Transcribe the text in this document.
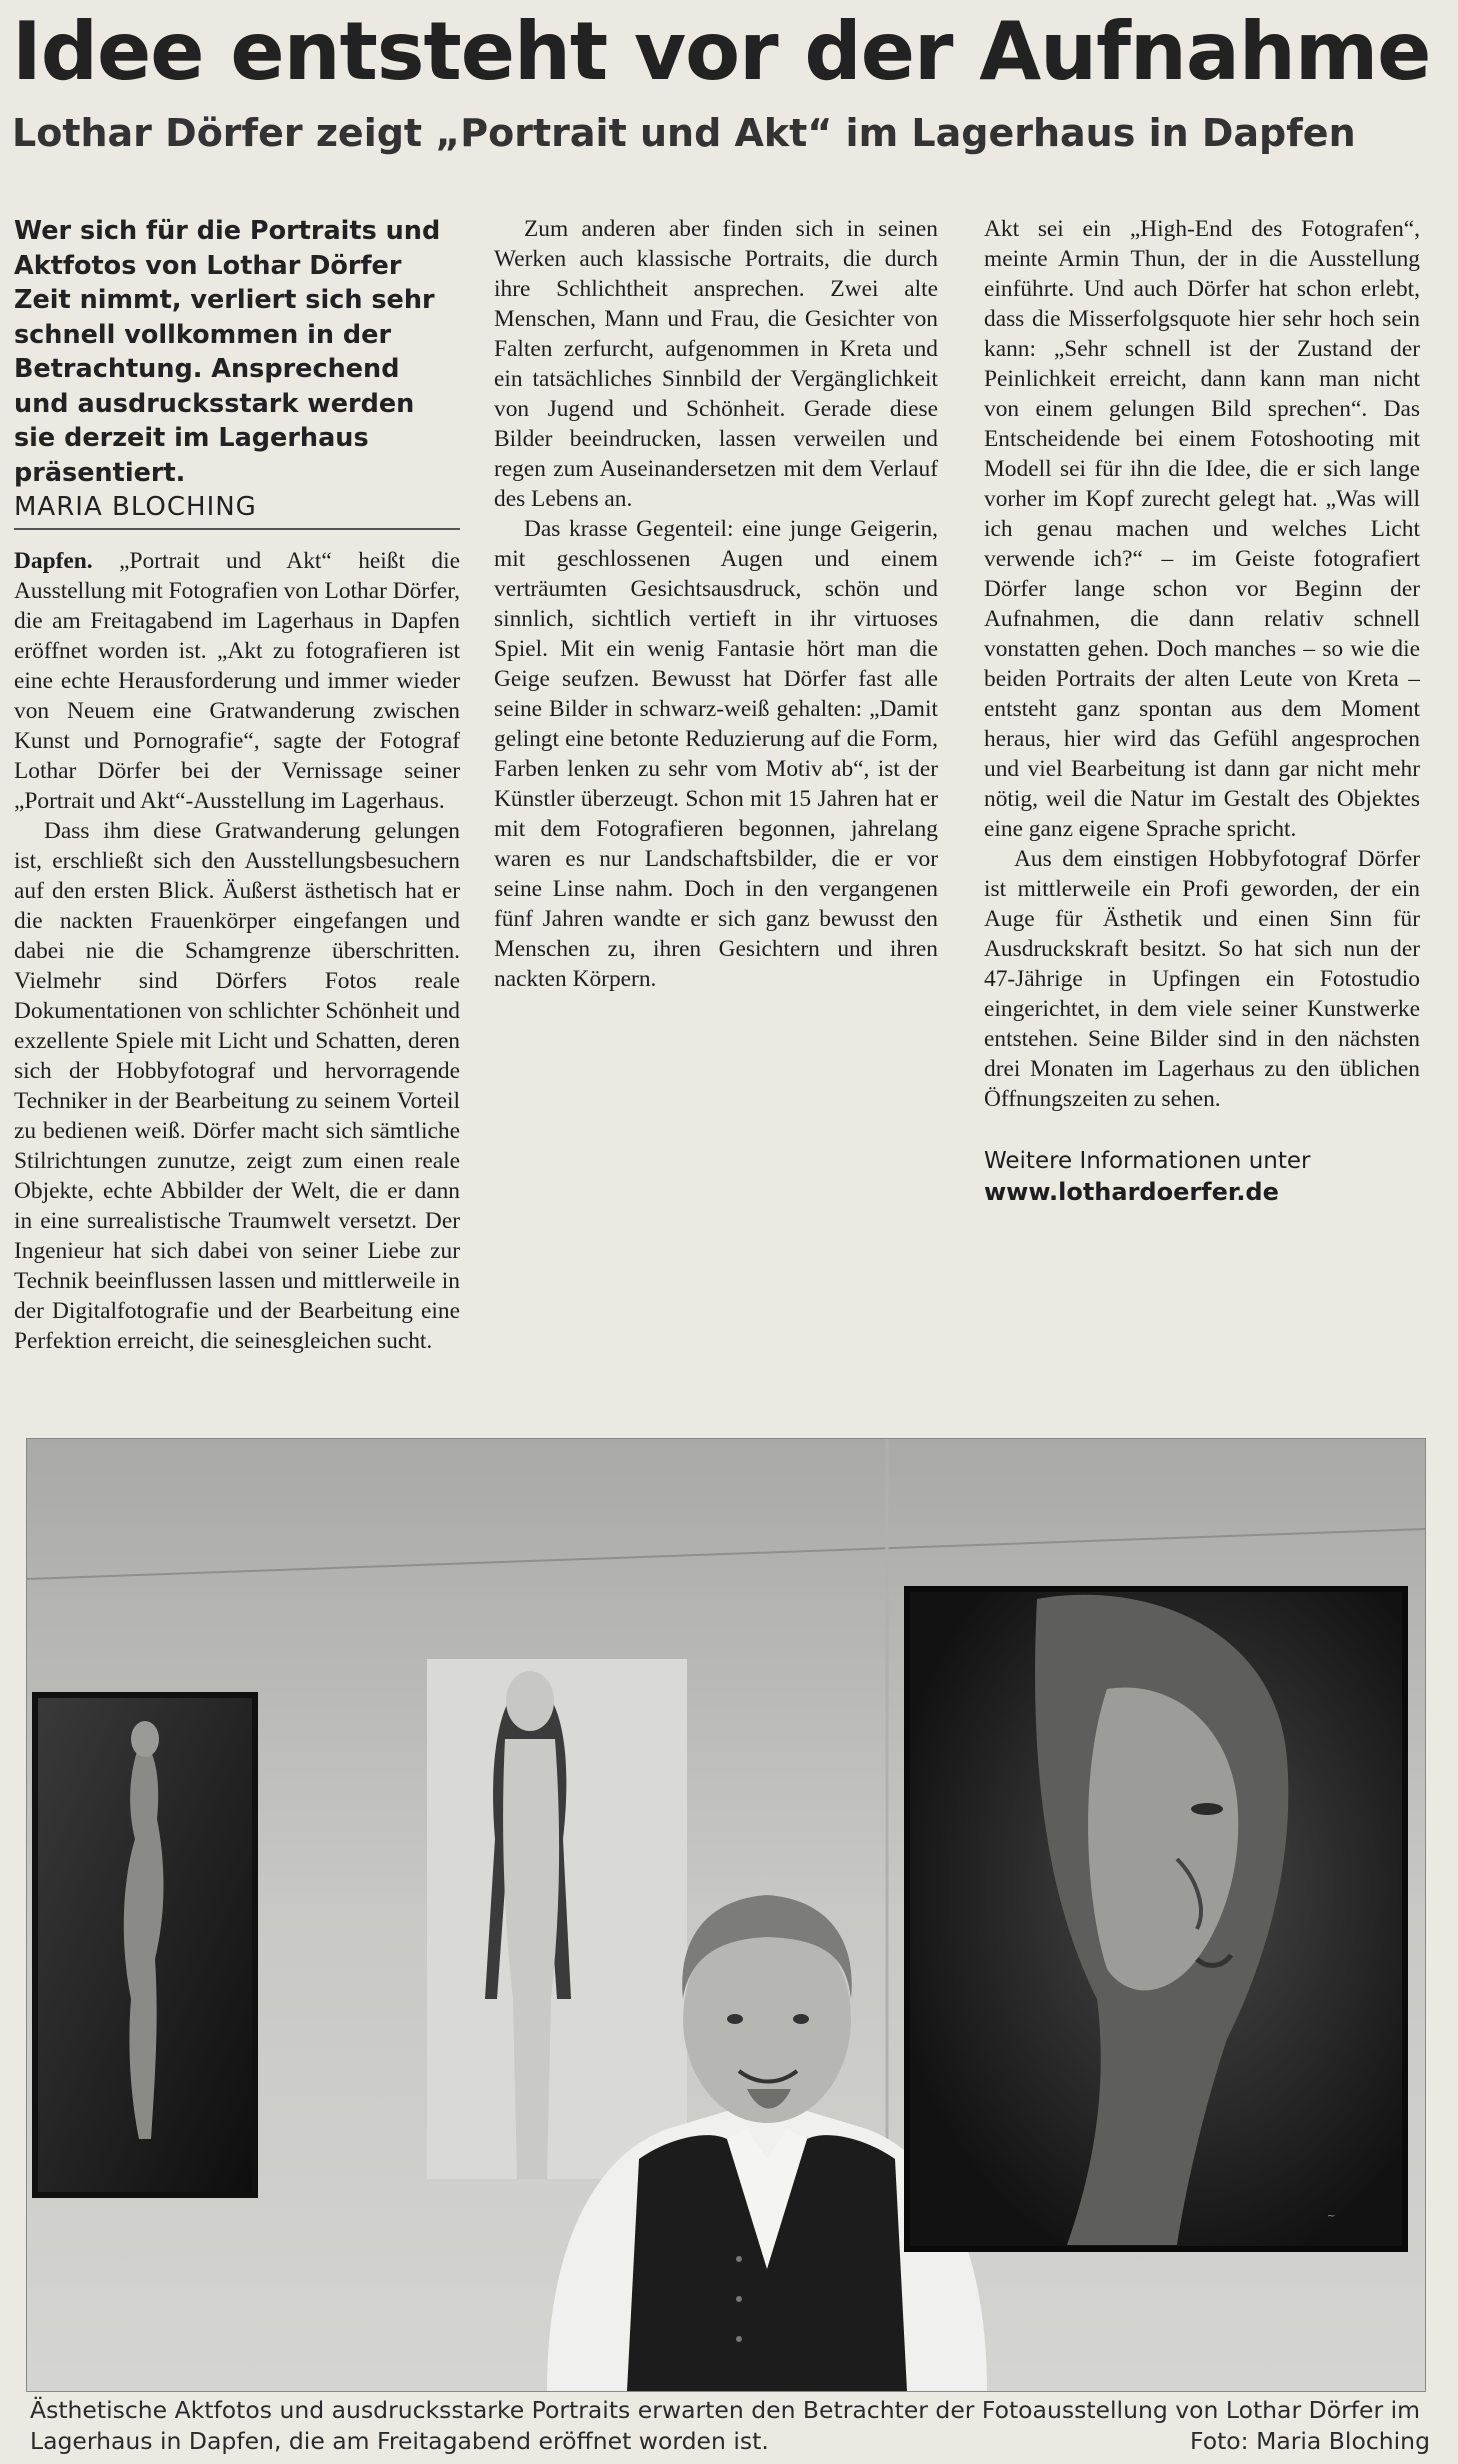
Idee entsteht vor der Aufnahme
Lothar Dörfer zeigt „Portrait und Akt“ im Lagerhaus in Dapfen

Wer sich für die Portraits und Aktfotos von Lothar Dörfer Zeit nimmt, verliert sich sehr schnell vollkommen in der Betrachtung. Ansprechend und ausdrucksstark werden sie derzeit im Lagerhaus präsentiert.

MARIA BLOCHING

Dapfen. „Portrait und Akt“ heißt die Ausstellung mit Fotografien von Lothar Dörfer, die am Freitagabend im Lagerhaus in Dapfen eröffnet worden ist. „Akt zu fotografieren ist eine echte Herausforderung und immer wieder von Neuem eine Gratwanderung zwischen Kunst und Pornografie“, sagte der Fotograf Lothar Dörfer bei der Vernissage seiner „Portrait und Akt“-Ausstellung im Lagerhaus.

Dass ihm diese Gratwanderung gelungen ist, erschließt sich den Ausstellungsbesuchern auf den ersten Blick. Äußerst ästhetisch hat er die nackten Frauenkörper eingefangen und dabei nie die Schamgrenze überschritten. Vielmehr sind Dörfers Fotos reale Dokumentationen von schlichter Schönheit und exzellente Spiele mit Licht und Schatten, deren sich der Hobbyfotograf und hervorragende Techniker in der Bearbeitung zu seinem Vorteil zu bedienen weiß. Dörfer macht sich sämtliche Stilrichtungen zunutze, zeigt zum einen reale Objekte, echte Abbilder der Welt, die er dann in eine surrealistische Traumwelt versetzt. Der Ingenieur hat sich dabei von seiner Liebe zur Technik beeinflussen lassen und mittlerweile in der Digitalfotografie und der Bearbeitung eine Perfektion erreicht, die seinesgleichen sucht.

Zum anderen aber finden sich in seinen Werken auch klassische Portraits, die durch ihre Schlichtheit ansprechen. Zwei alte Menschen, Mann und Frau, die Gesichter von Falten zerfurcht, aufgenommen in Kreta und ein tatsächliches Sinnbild der Vergänglichkeit von Jugend und Schönheit. Gerade diese Bilder beeindrucken, lassen verweilen und regen zum Auseinandersetzen mit dem Verlauf des Lebens an.

Das krasse Gegenteil: eine junge Geigerin, mit geschlossenen Augen und einem verträumten Gesichtsausdruck, schön und sinnlich, sichtlich vertieft in ihr virtuoses Spiel. Mit ein wenig Fantasie hört man die Geige seufzen. Bewusst hat Dörfer fast alle seine Bilder in schwarz-weiß gehalten: „Damit gelingt eine betonte Reduzierung auf die Form, Farben lenken zu sehr vom Motiv ab“, ist der Künstler überzeugt. Schon mit 15 Jahren hat er mit dem Fotografieren begonnen, jahrelang waren es nur Landschaftsbilder, die er vor seine Linse nahm. Doch in den vergangenen fünf Jahren wandte er sich ganz bewusst den Menschen zu, ihren Gesichtern und ihren nackten Körpern.

Akt sei ein „High-End des Fotografen“, meinte Armin Thun, der in die Ausstellung einführte. Und auch Dörfer hat schon erlebt, dass die Misserfolgsquote hier sehr hoch sein kann: „Sehr schnell ist der Zustand der Peinlichkeit erreicht, dann kann man nicht von einem gelungen Bild sprechen“. Das Entscheidende bei einem Fotoshooting mit Modell sei für ihn die Idee, die er sich lange vorher im Kopf zurecht gelegt hat. „Was will ich genau machen und welches Licht verwende ich?“ – im Geiste fotografiert Dörfer lange schon vor Beginn der Aufnahmen, die dann relativ schnell vonstatten gehen. Doch manches – so wie die beiden Portraits der alten Leute von Kreta – entsteht ganz spontan aus dem Moment heraus, hier wird das Gefühl angesprochen und viel Bearbeitung ist dann gar nicht mehr nötig, weil die Natur im Gestalt des Objektes eine ganz eigene Sprache spricht.

Aus dem einstigen Hobbyfotograf Dörfer ist mittlerweile ein Profi geworden, der ein Auge für Ästhetik und einen Sinn für Ausdruckskraft besitzt. So hat sich nun der 47-Jährige in Upfingen ein Fotostudio eingerichtet, in dem viele seiner Kunstwerke entstehen. Seine Bilder sind in den nächsten drei Monaten im Lagerhaus zu den üblichen Öffnungszeiten zu sehen.

Weitere Informationen unter
www.lothardoerfer.de
~

Ästhetische Aktfotos und ausdrucksstarke Portraits erwarten den Betrachter der Fotoausstellung von Lothar Dörfer im Lagerhaus in Dapfen, die am Freitagabend eröffnet worden ist.	Foto: Maria Bloching
